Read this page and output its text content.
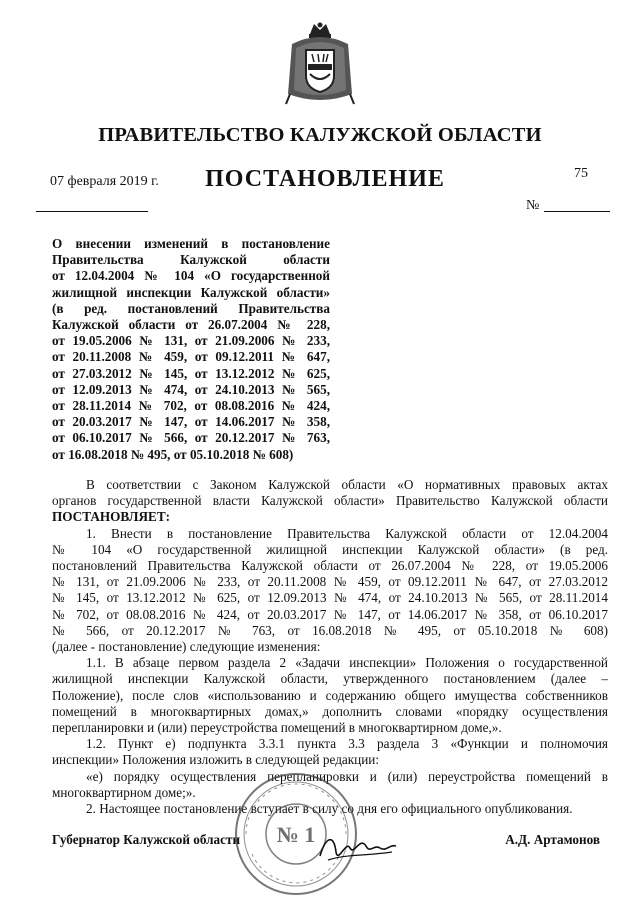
ПРАВИТЕЛЬСТВО КАЛУЖСКОЙ ОБЛАСТИ
07 февраля 2019 г.	ПОСТАНОВЛЕНИЕ	75
№
О внесении изменений в постановление
Правительства Калужской области
от 12.04.2004 № 104 «О государственной
жилищной инспекции Калужской области»
(в ред. постановлений Правительства
Калужской области от 26.07.2004 № 228,
от 19.05.2006 № 131, от 21.09.2006 № 233,
от 20.11.2008 № 459, от 09.12.2011 № 647,
от 27.03.2012 № 145, от 13.12.2012 № 625,
от 12.09.2013 № 474, от 24.10.2013 № 565,
от 28.11.2014 № 702, от 08.08.2016 № 424,
от 20.03.2017 № 147, от 14.06.2017 № 358,
от 06.10.2017 № 566, от 20.12.2017 № 763,
от 16.08.2018 № 495, от 05.10.2018 № 608)
В соответствии с Законом Калужской области «О нормативных правовых актах
органов государственной власти Калужской области» Правительство Калужской области
ПОСТАНОВЛЯЕТ:
1. Внести в постановление Правительства Калужской области от 12.04.2004
№ 104 «О государственной жилищной инспекции Калужской области» (в ред.
постановлений Правительства Калужской области от 26.07.2004 № 228, от 19.05.2006
№ 131, от 21.09.2006 № 233, от 20.11.2008 № 459, от 09.12.2011 № 647, от 27.03.2012
№ 145, от 13.12.2012 № 625, от 12.09.2013 № 474, от 24.10.2013 № 565, от 28.11.2014
№ 702, от 08.08.2016 № 424, от 20.03.2017 № 147, от 14.06.2017 № 358, от 06.10.2017
№ 566, от 20.12.2017 № 763, от 16.08.2018 № 495, от 05.10.2018 № 608)
(далее - постановление) следующие изменения:
1.1. В абзаце первом раздела 2 «Задачи инспекции» Положения о государственной
жилищной инспекции Калужской области, утвержденного постановлением (далее –
Положение), после слов «использованию и содержанию общего имущества собственников
помещений в многоквартирных домах,» дополнить словами «порядку осуществления
перепланировки и (или) переустройства помещений в многоквартирном доме,».
1.2. Пункт е) подпункта 3.3.1 пункта 3.3 раздела 3 «Функции и полномочия
инспекции» Положения изложить в следующей редакции:
«е) порядку осуществления перепланировки и (или) переустройства помещений в
многоквартирном доме;».
2. Настоящее постановление вступает в силу со дня его официального опубликования.
№ 1
Губернатор Калужской области	А.Д. Артамонов
